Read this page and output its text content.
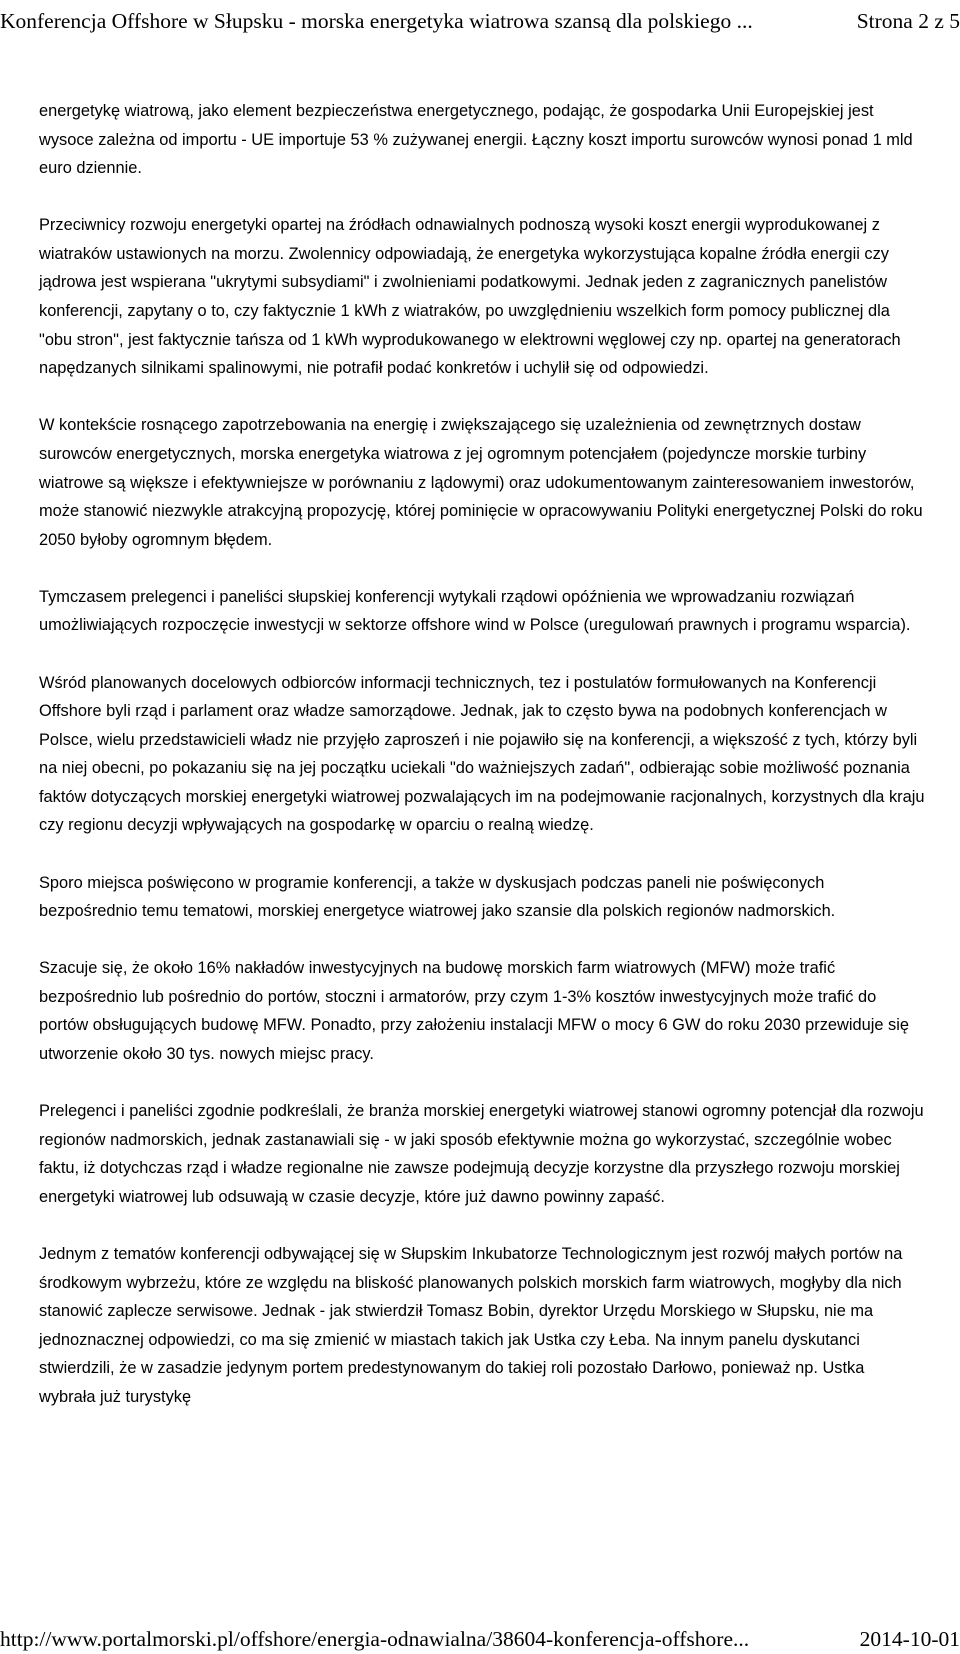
Konferencja Offshore w Słupsku - morska energetyka wiatrowa szansą dla polskiego ...	Strona 2 z 5

energetykę wiatrową, jako element bezpieczeństwa energetycznego, podając, że gospodarka Unii Europejskiej jest wysoce zależna od importu - UE importuje 53 % zużywanej energii. Łączny koszt importu surowców wynosi ponad 1 mld euro dziennie.

Przeciwnicy rozwoju energetyki opartej na źródłach odnawialnych podnoszą wysoki koszt energii wyprodukowanej z wiatraków ustawionych na morzu. Zwolennicy odpowiadają, że energetyka wykorzystująca kopalne źródła energii czy jądrowa jest wspierana "ukrytymi subsydiami" i zwolnieniami podatkowymi. Jednak jeden z zagranicznych panelistów konferencji, zapytany o to, czy faktycznie 1 kWh z wiatraków, po uwzględnieniu wszelkich form pomocy publicznej dla "obu stron", jest faktycznie tańsza od 1 kWh wyprodukowanego w elektrowni węglowej czy np. opartej na generatorach napędzanych silnikami spalinowymi, nie potrafił podać konkretów i uchylił się od odpowiedzi.

W kontekście rosnącego zapotrzebowania na energię i zwiększającego się uzależnienia od zewnętrznych dostaw surowców energetycznych, morska energetyka wiatrowa z jej ogromnym potencjałem (pojedyncze morskie turbiny wiatrowe są większe i efektywniejsze w porównaniu z lądowymi) oraz udokumentowanym zainteresowaniem inwestorów, może stanowić niezwykle atrakcyjną propozycję, której pominięcie w opracowywaniu Polityki energetycznej Polski do roku 2050 byłoby ogromnym błędem.

Tymczasem prelegenci i paneliści słupskiej konferencji wytykali rządowi opóźnienia we wprowadzaniu rozwiązań umożliwiających rozpoczęcie inwestycji w sektorze offshore wind w Polsce (uregulowań prawnych i programu wsparcia).

Wśród planowanych docelowych odbiorców informacji technicznych, tez i postulatów formułowanych na Konferencji Offshore byli rząd i parlament oraz władze samorządowe. Jednak, jak to często bywa na podobnych konferencjach w Polsce, wielu przedstawicieli władz nie przyjęło zaproszeń i nie pojawiło się na konferencji, a większość z tych, którzy byli na niej obecni, po pokazaniu się na jej początku uciekali "do ważniejszych zadań", odbierając sobie możliwość poznania faktów dotyczących morskiej energetyki wiatrowej pozwalających im na podejmowanie racjonalnych, korzystnych dla kraju czy regionu decyzji wpływających na gospodarkę w oparciu o realną wiedzę.

Sporo miejsca poświęcono w programie konferencji, a także w dyskusjach podczas paneli nie poświęconych bezpośrednio temu tematowi, morskiej energetyce wiatrowej jako szansie dla polskich regionów nadmorskich.

Szacuje się, że około 16% nakładów inwestycyjnych na budowę morskich farm wiatrowych (MFW) może trafić bezpośrednio lub pośrednio do portów, stoczni i armatorów, przy czym 1-3% kosztów inwestycyjnych może trafić do portów obsługujących budowę MFW. Ponadto, przy założeniu instalacji MFW o mocy 6 GW do roku 2030 przewiduje się utworzenie około 30 tys. nowych miejsc pracy.

Prelegenci i paneliści zgodnie podkreślali, że branża morskiej energetyki wiatrowej stanowi ogromny potencjał dla rozwoju regionów nadmorskich, jednak zastanawiali się - w jaki sposób efektywnie można go wykorzystać, szczególnie wobec faktu, iż dotychczas rząd i władze regionalne nie zawsze podejmują decyzje korzystne dla przyszłego rozwoju morskiej energetyki wiatrowej lub odsuwają w czasie decyzje, które już dawno powinny zapaść.

Jednym z tematów konferencji odbywającej się w Słupskim Inkubatorze Technologicznym jest rozwój małych portów na środkowym wybrzeżu, które ze względu na bliskość planowanych polskich morskich farm wiatrowych, mogłyby dla nich stanowić zaplecze serwisowe. Jednak - jak stwierdził Tomasz Bobin, dyrektor Urzędu Morskiego w Słupsku, nie ma jednoznacznej odpowiedzi, co ma się zmienić w miastach takich jak Ustka czy Łeba. Na innym panelu dyskutanci stwierdzili, że w zasadzie jedynym portem predestynowanym do takiej roli pozostało Darłowo, ponieważ np. Ustka wybrała już turystykę

http://www.portalmorski.pl/offshore/energia-odnawialna/38604-konferencja-offshore...	2014-10-01
